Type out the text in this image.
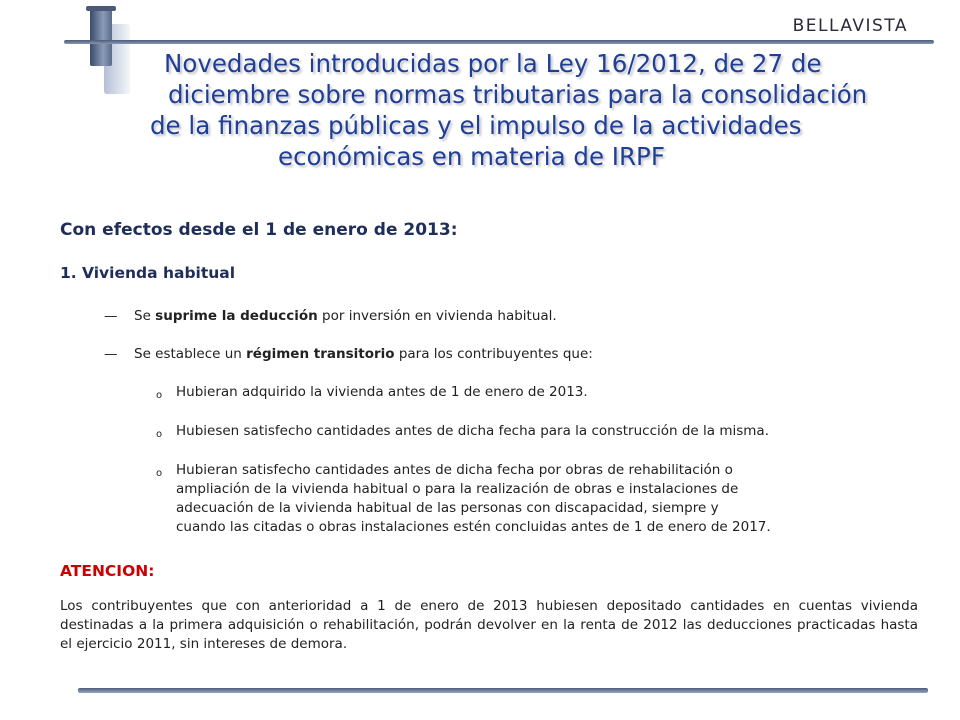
BELLAVISTA
Novedades introducidas por la Ley 16/2012, de 27 de
diciembre sobre normas tributarias para la consolidación
de la finanzas públicas y el impulso de la actividades
económicas en materia de IRPF
Con efectos desde el 1 de enero de 2013:
1. Vivienda habitual
— Se suprime la deducción por inversión en vivienda habitual.
— Se establece un régimen transitorio para los contribuyentes que:
o	Hubieran adquirido la vivienda antes de 1 de enero de 2013.
o	Hubiesen satisfecho cantidades antes de dicha fecha para la construcción de la misma.
o	Hubieran satisfecho cantidades antes de dicha fecha por obras de rehabilitación o
ampliación de la vivienda habitual o para la realización de obras e instalaciones de
adecuación de la vivienda habitual de las personas con discapacidad, siempre y
cuando las citadas o obras instalaciones estén concluidas antes de 1 de enero de 2017.
ATENCION:
Los contribuyentes que con anterioridad a 1 de enero de 2013 hubiesen depositado cantidades en cuentas vivienda destinadas a la primera adquisición o rehabilitación, podrán devolver en la renta de 2012 las deducciones practicadas hasta el ejercicio 2011, sin intereses de demora.
